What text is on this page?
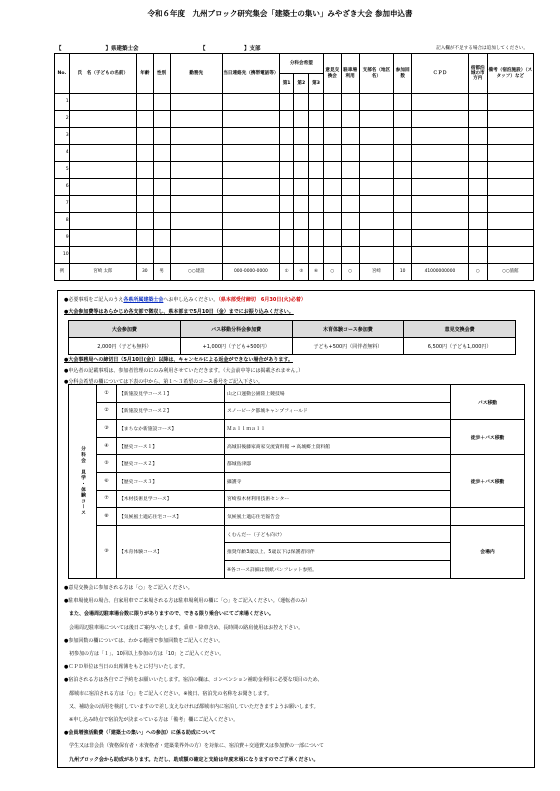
令和６年度　九州ブロック研究集会「建築士の集い」みやざき大会 参加申込書
【　　　　　　　　】県建築士会	【　　　　　　　】支部	記入欄が不足する場合は追加してください。
No.	氏　名（子どもの名前）	年齢	性別	勤務先	当日連絡先（携帯電話等）	分科会希望			意見交換会	駐車場利用	支部名（地区名）	参加回数	ＣＰＤ	宿都泊城の市方内	備考（宿泊施設）（スタッフ）など
						第1	第2	第3							
1															
2															
3															
4															
5															
6															
7															
8															
9															
10															
例	宮崎 太郎	30	男	○○建設	000-0000-0000	①	⑤	⑥	○	○	宮崎	10	41000000000	○	○○旅館
●必要事項をご記入のうえ各県所属建築士会へお申し込みください。（県本部受付締切　6月30日(火)必着）
●大会参加費等はあらかじめ各支部で徴収し、県本部まで5月10日（金）までにお振り込みください。
大会参加費	バス移動分科会参加費	木育体験コース参加費	意見交換会費
2,000円（子ども無料）	+1,000円（子ども+500円）	子ども+500円（同伴者無料）	6,500円（子ども1,000円）
●大会事務局への締切日（5月10日(金)）以降は、キャンセルによる返金ができない場合があります。
●申込者の記載事項は、参加者管理のにのみ利用させていただきます。（大会前中等には掲載されません。）
●分科会希望の欄については下表の中から、第１～３希望のコース番号をご記入下さい。
分科会　見学・体験コース	①	【新施設見学コース１】	山之口運動公園陸上競技場	バス移動
	②	【新施設見学コース２】	スノーピーク都城キャンプフィールド	
	③	【まちなか新施設コース】	Ｍａｌｌｍａｌｌ	徒歩＋バス移動
	④	【歴史コース１】	高城旧後藤家商家交流資料館 → 高城郷土資料館	
	⑤	【歴史コース２】	都城島津邸	徒歩＋バス移動
	⑥	【歴史コース３】	攝護寺	
	⑦	【木材技術見学コース】	宮崎県木材利用技術センター	
	⑧	【気候風土適応住宅コース】	気候風土適応住宅報告会	
	⑨	【木育体験コース】	くむんだー（子ども向け）	会場内
			推奨年齢3歳以上、5歳以下は保護者同伴	
			※各コース詳細は別紙パンフレット参照。	
●意見交換会に参加される方は「○」をご記入ください。
●駐車場使用の場合、自家用車でご来場される方は駐車場利用の欄に「○」をご記入ください。（運転者のみ）
　また、会場周辺駐車場台数に限りがありますので、できる限り乗合いにてご来場ください。
　会場周辺駐車場については後日ご案内いたします。乗車・降車含め、長時間の路肩使用はお控え下さい。
●参加回数の欄については、わかる範囲で参加回数をご記入ください。
　初参加の方は「１」、10回以上参加の方は「10」とご記入ください。
●ＣＰＤ単位は当日の出席簿をもとに付与いたします。
●宿泊される方は各自でご予約をお願いいたします。宿泊の欄は、コンベンション補助金利用に必要な項目のため、
　都城市に宿泊される方は「○」をご記入ください。※後日、宿泊先の名称をお聞きします。
　又、補助金の活用を検討していますので差し支えなければ都城市内に宿泊していただきますようお願いします。
　※申し込み時点で宿泊先が決まっている方は「備考」欄にご記入ください。
●会員増強活動費（「建築士の集い」への参加）に係る助成について
　学生又は非会員（資格保有者・未資格者・建築業界外の方）を対象に、宿泊費＋交通費又は参加費の一部について
　九州ブロック会から助成があります。ただし、助成額の確定と支給は年度末頃になりますのでご了承ください。
